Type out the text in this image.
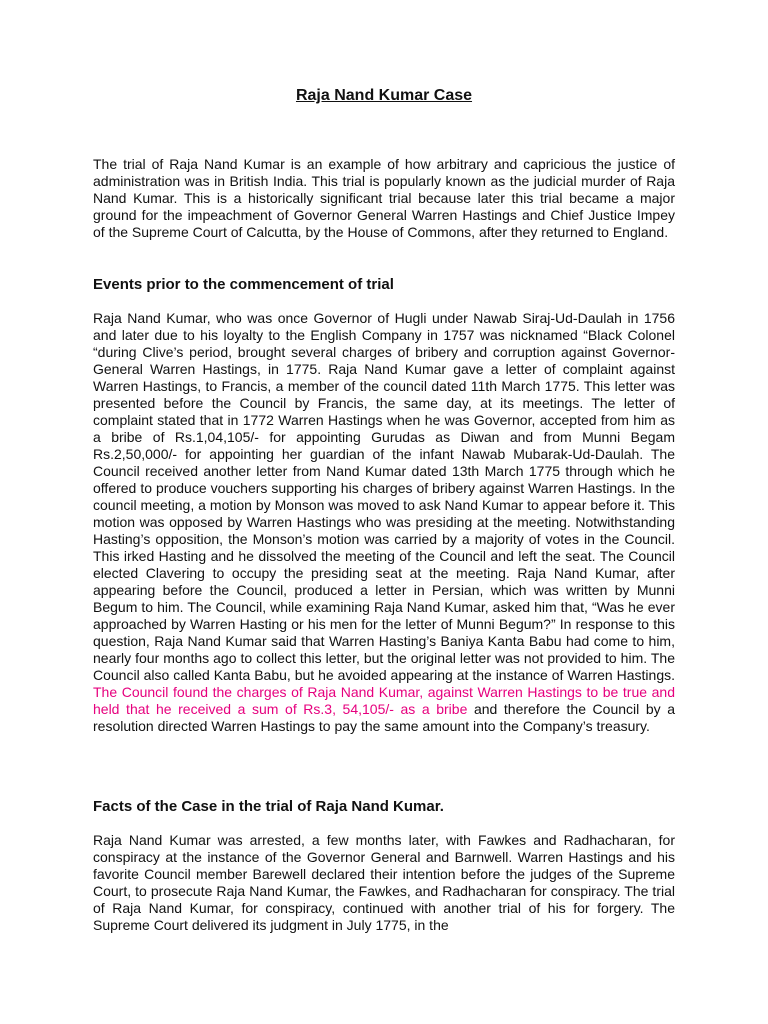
Raja Nand Kumar Case

The trial of Raja Nand Kumar is an example of how arbitrary and capricious the justice of administration was in British India. This trial is popularly known as the judicial murder of Raja Nand Kumar. This is a historically significant trial because later this trial became a major ground for the impeachment of Governor General Warren Hastings and Chief Justice Impey of the Supreme Court of Calcutta, by the House of Commons, after they returned to England.

Events prior to the commencement of trial

Raja Nand Kumar, who was once Governor of Hugli under Nawab Siraj-Ud-Daulah in 1756 and later due to his loyalty to the English Company in 1757 was nicknamed “Black Colonel “during Clive’s period, brought several charges of bribery and corruption against Governor-General Warren Hastings, in 1775. Raja Nand Kumar gave a letter of complaint against Warren Hastings, to Francis, a member of the council dated 11th March 1775. This letter was presented before the Council by Francis, the same day, at its meetings. The letter of complaint stated that in 1772 Warren Hastings when he was Governor, accepted from him as a bribe of Rs.1,04,105/- for appointing Gurudas as Diwan and from Munni Begam Rs.2,50,000/- for appointing her guardian of the infant Nawab Mubarak-Ud-Daulah. The Council received another letter from Nand Kumar dated 13th March 1775 through which he offered to produce vouchers supporting his charges of bribery against Warren Hastings. In the council meeting, a motion by Monson was moved to ask Nand Kumar to appear before it. This motion was opposed by Warren Hastings who was presiding at the meeting. Notwithstanding Hasting’s opposition, the Monson’s motion was carried by a majority of votes in the Council. This irked Hasting and he dissolved the meeting of the Council and left the seat. The Council elected Clavering to occupy the presiding seat at the meeting. Raja Nand Kumar, after appearing before the Council, produced a letter in Persian, which was written by Munni Begum to him. The Council, while examining Raja Nand Kumar, asked him that, “Was he ever approached by Warren Hasting or his men for the letter of Munni Begum?” In response to this question, Raja Nand Kumar said that Warren Hasting’s Baniya Kanta Babu had come to him, nearly four months ago to collect this letter, but the original letter was not provided to him. The Council also called Kanta Babu, but he avoided appearing at the instance of Warren Hastings. The Council found the charges of Raja Nand Kumar, against Warren Hastings to be true and held that he received a sum of Rs.3, 54,105/- as a bribe and therefore the Council by a resolution directed Warren Hastings to pay the same amount into the Company’s treasury.

Facts of the Case in the trial of Raja Nand Kumar.

Raja Nand Kumar was arrested, a few months later, with Fawkes and Radhacharan, for conspiracy at the instance of the Governor General and Barnwell. Warren Hastings and his favorite Council member Barewell declared their intention before the judges of the Supreme Court, to prosecute Raja Nand Kumar, the Fawkes, and Radhacharan for conspiracy. The trial of Raja Nand Kumar, for conspiracy, continued with another trial of his for forgery. The Supreme Court delivered its judgment in July 1775, in the
